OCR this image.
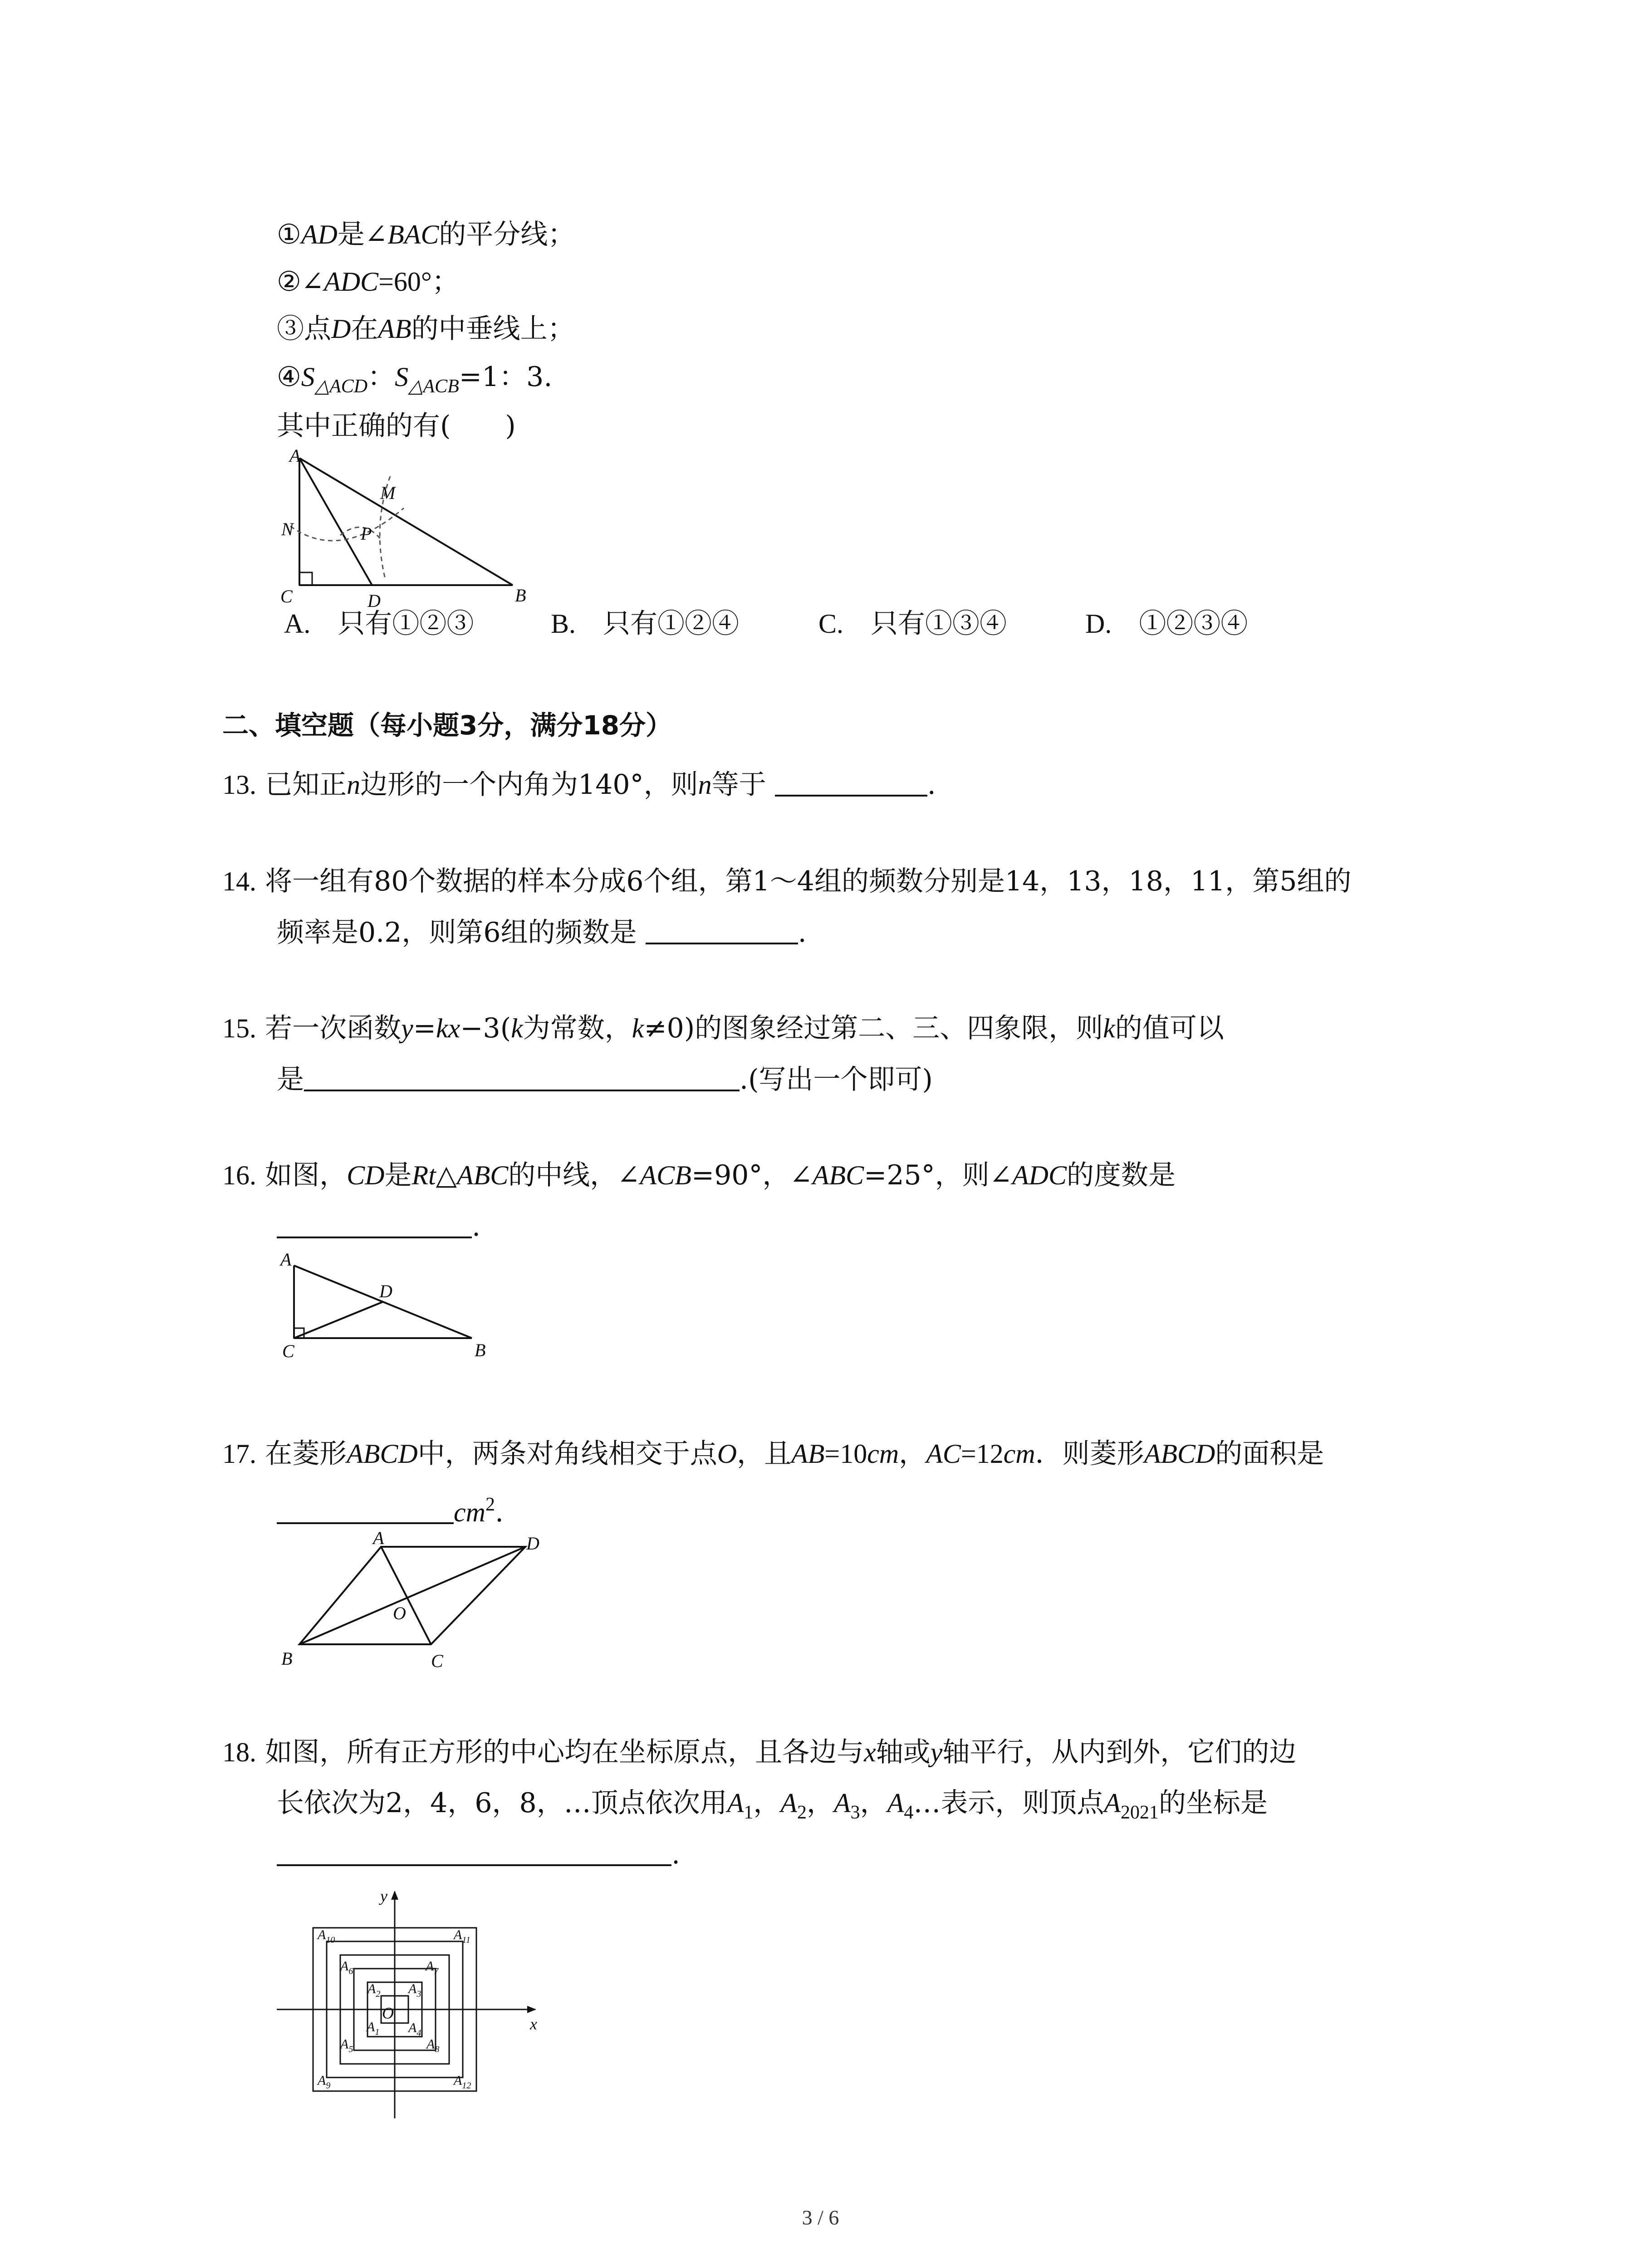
①AD是∠BAC的平分线；
②∠ADC=60°；
③点D在AB的中垂线上；
$④S_{\triangle ACD}$：$S_{\triangle ACB}=1$：3.
其中正确的有(　　)
A
B
C	D
M
N	P
A.　 只有①②③	B.　 只有①②④	C.　 只有①③④	D.　 ①②③④
二、填空题（每小题3分，满分18分）
13. 已知正n边形的一个内角为140°，则n等于	.
14. 将一组有80个数据的样本分成6个组，第1～4组的频数分别是14，13，18，11，第5组的
频率是0.2，则第6组的频数是	.
15. 若一次函数y=kx−3(k为常数，k≠0)的图象经过第二、三、四象限，则k的值可以
是	.(写出一个即可)
16. 如图，CD是Rt△ABC的中线，∠ACB=90°，∠ABC=25°，则∠ADC的度数是
.
A
B
C
D
17. 在菱形ABCD中，两条对角线相交于点O，且AB=10cm，AC=12cm．则菱形ABCD的面积是
$cm^2$.
A
B	C
D
O
18. 如图，所有正方形的中心均在坐标原点，且各边与x轴或y轴平行，从内到外，它们的边
长依次为2，4，6，8，…顶点依次用$A_1$，$A_2$，$A_3$，$A_4\dots$表示，则顶点$A_{2021}$的坐标是
.
y
x
O
$A_1$
$A_2$ $A_3$
$A_4$
$A_5$
$A_6$	$A_7$
$A_8$
$A_9$
$A_{10}$	$A_{11}$
$A_{12}$
3 / 6
